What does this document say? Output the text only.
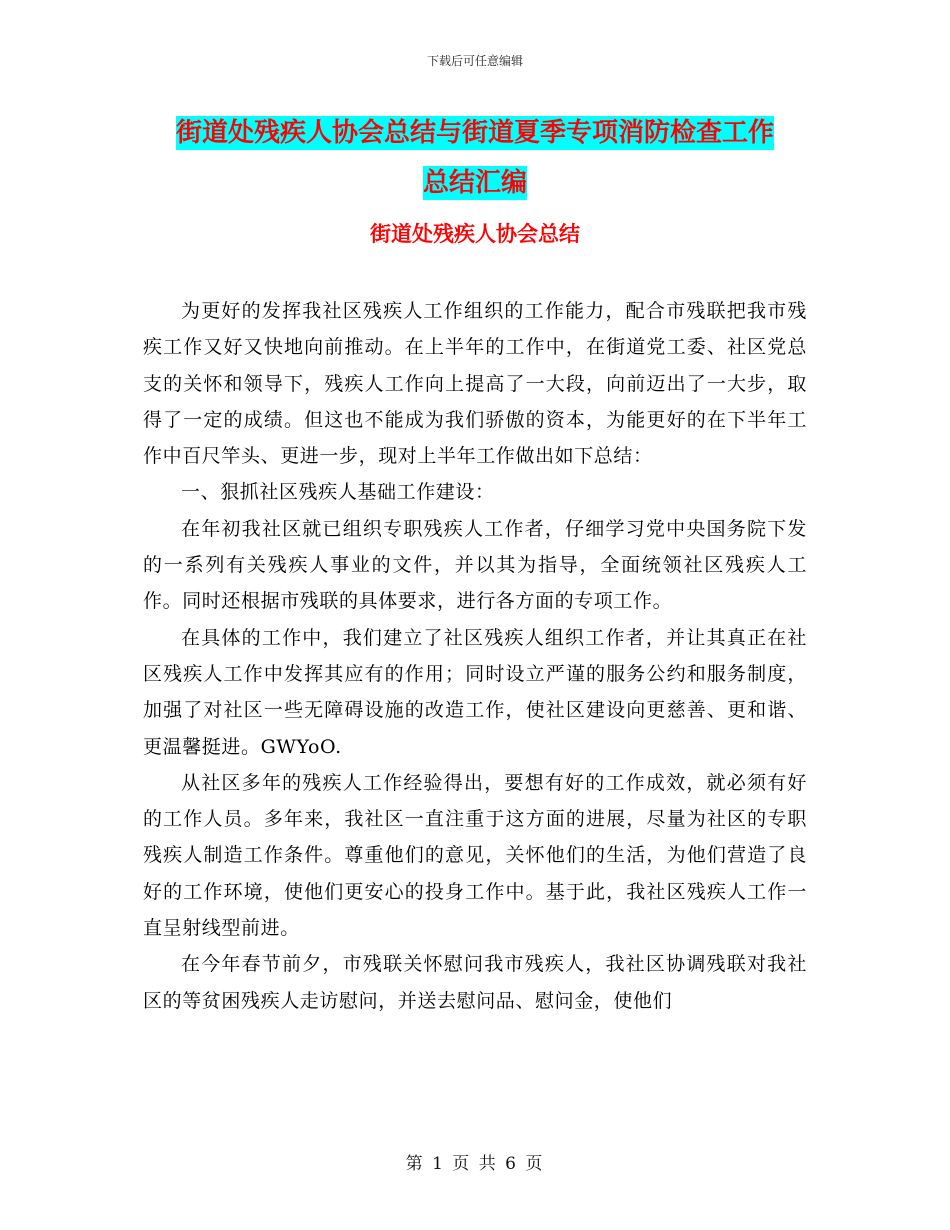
下载后可任意编辑
街道处残疾人协会总结与街道夏季专项消防检查工作
总结汇编
街道处残疾人协会总结

为更好的发挥我社区残疾人工作组织的工作能力，配合市残联把我市残疾工作又好又快地向前推动。在上半年的工作中，在街道党工委、社区党总支的关怀和领导下，残疾人工作向上提高了一大段，向前迈出了一大步，取得了一定的成绩。但这也不能成为我们骄傲的资本，为能更好的在下半年工作中百尺竿头、更进一步，现对上半年工作做出如下总结：

一、狠抓社区残疾人基础工作建设：

在年初我社区就已组织专职残疾人工作者，仔细学习党中央国务院下发的一系列有关残疾人事业的文件，并以其为指导，全面统领社区残疾人工作。同时还根据市残联的具体要求，进行各方面的专项工作。

在具体的工作中，我们建立了社区残疾人组织工作者，并让其真正在社区残疾人工作中发挥其应有的作用；同时设立严谨的服务公约和服务制度，加强了对社区一些无障碍设施的改造工作，使社区建设向更慈善、更和谐、更温馨挺进。GWYoO.

从社区多年的残疾人工作经验得出，要想有好的工作成效，就必须有好的工作人员。多年来，我社区一直注重于这方面的进展，尽量为社区的专职残疾人制造工作条件。尊重他们的意见，关怀他们的生活，为他们营造了良好的工作环境，使他们更安心的投身工作中。基于此，我社区残疾人工作一直呈射线型前进。

在今年春节前夕，市残联关怀慰问我市残疾人，我社区协调残联对我社区的等贫困残疾人走访慰问，并送去慰问品、慰问金，使他们

第 1 页 共 6 页
